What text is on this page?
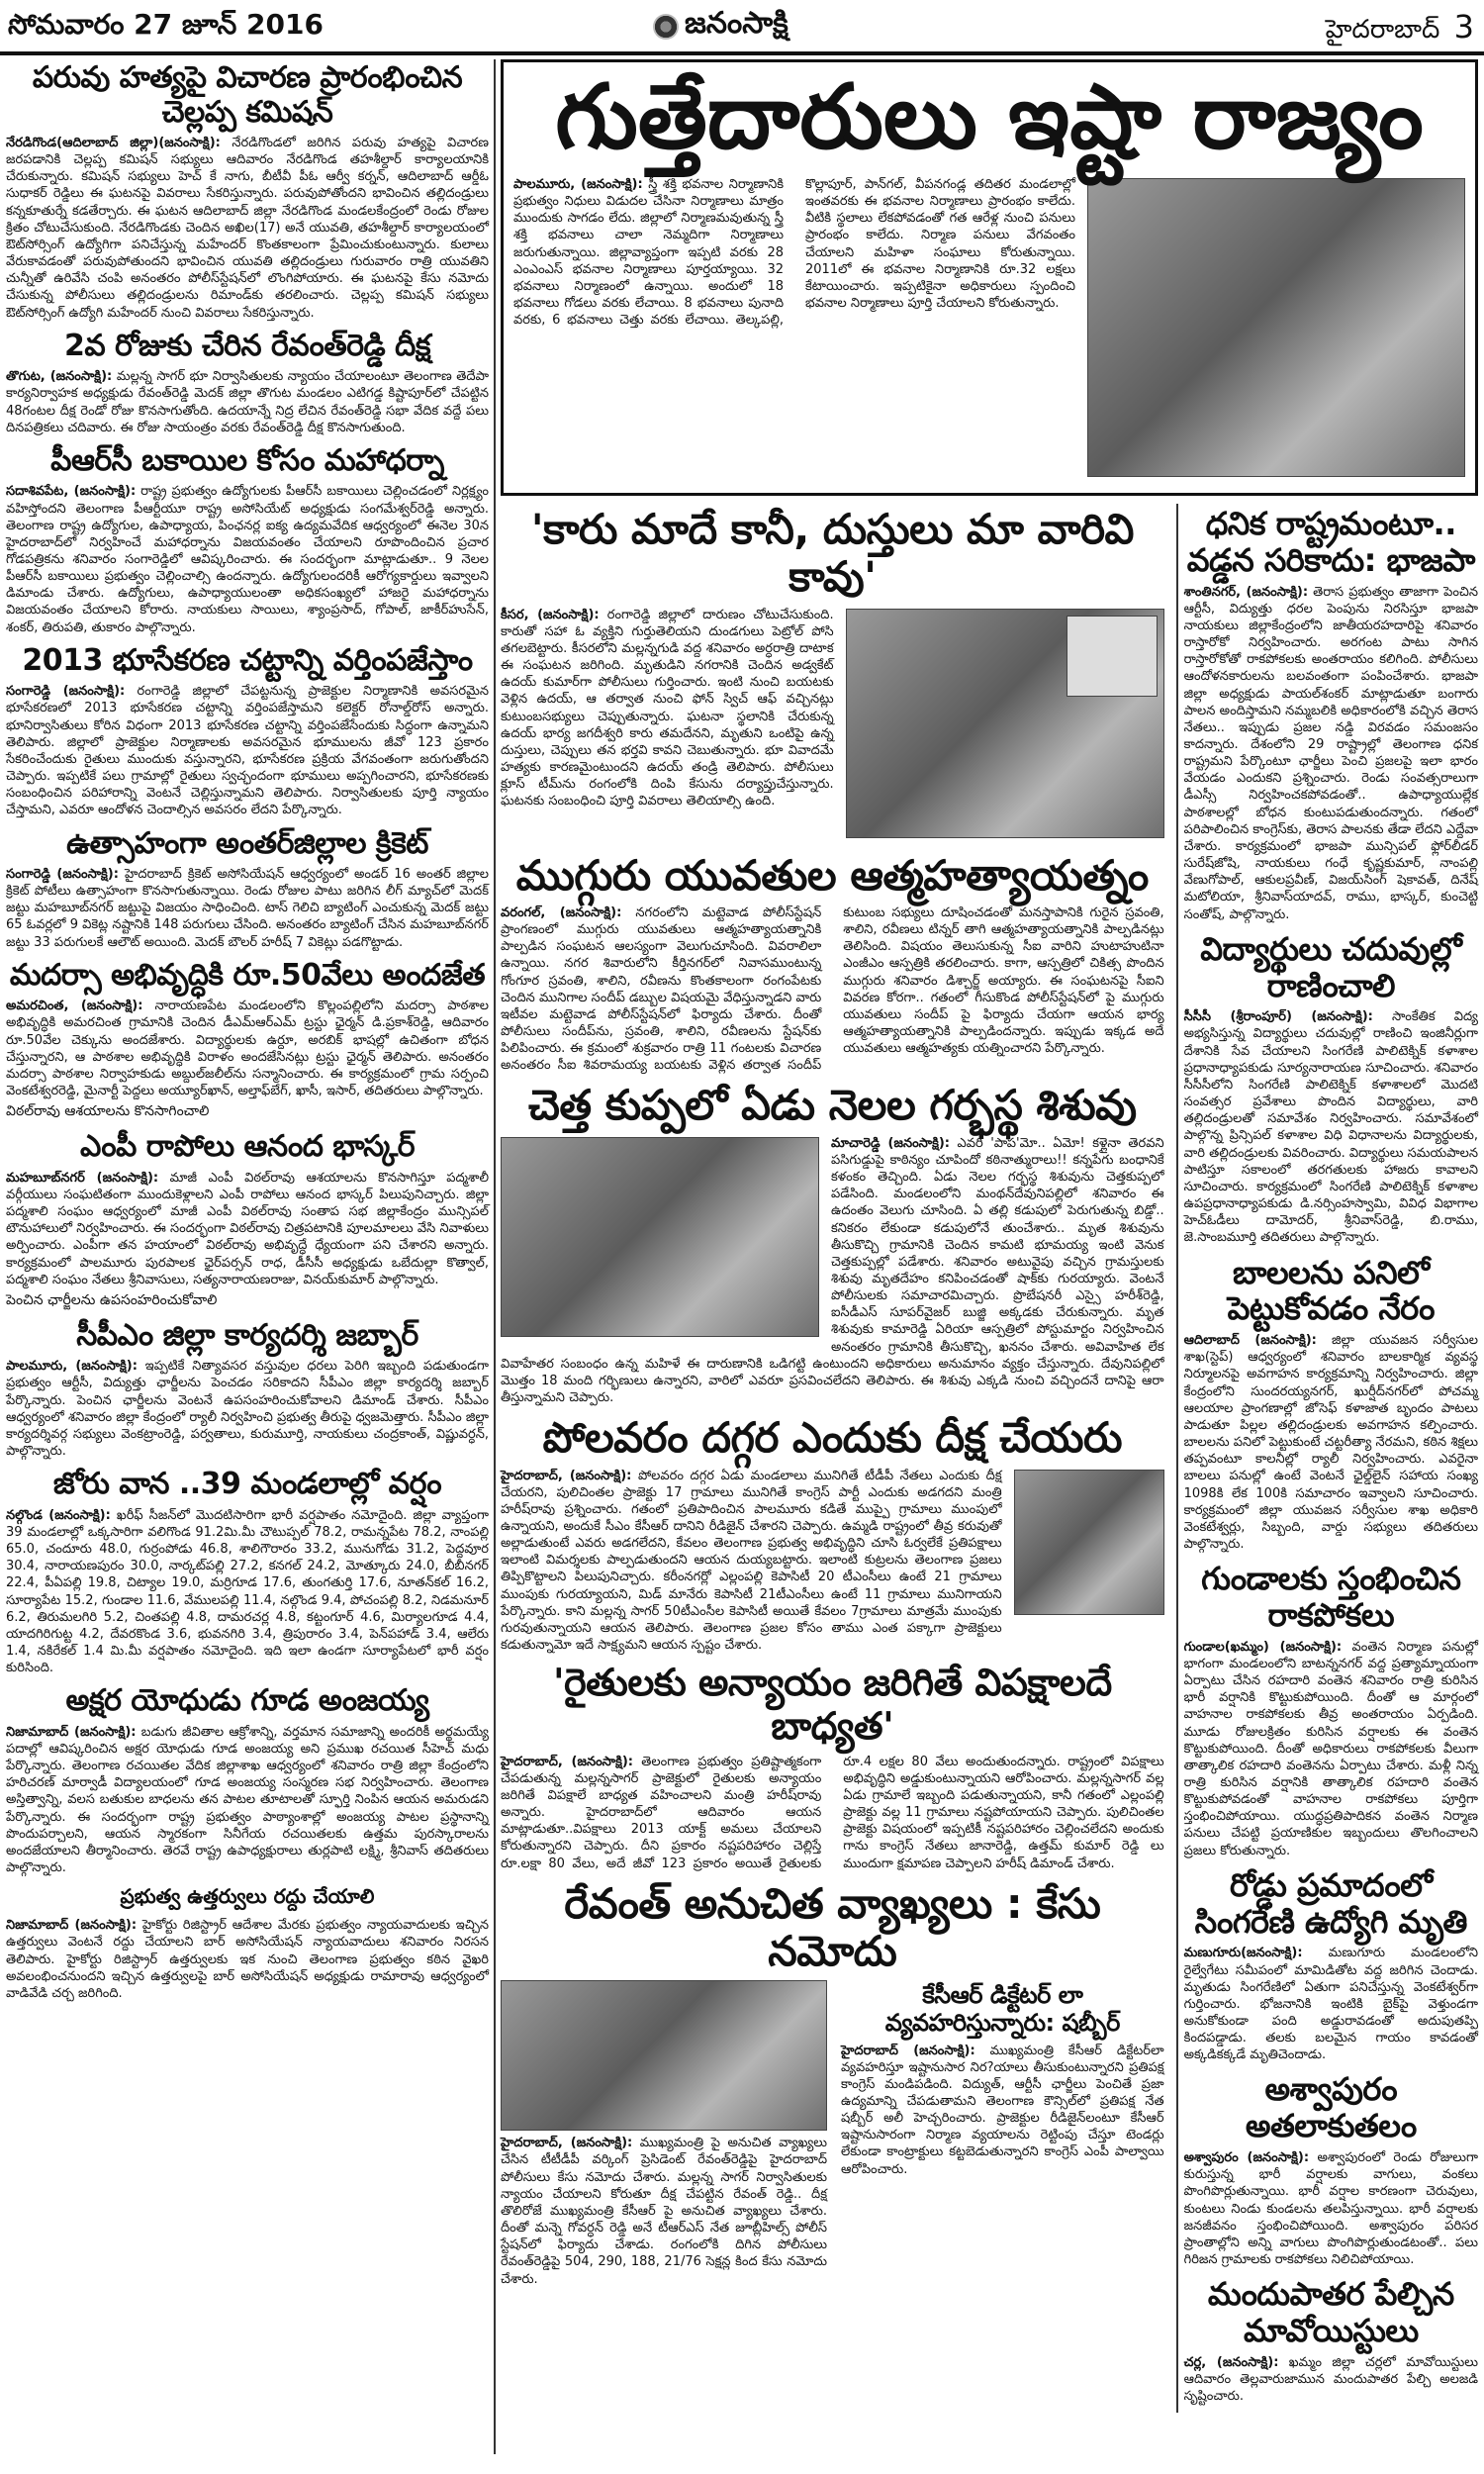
సోమవారం 27 జూన్ 2016	జనంసాక్షి	హైదరాబాద్ 3
పరువు హత్యపై విచారణ ప్రారంభించిన చెల్లప్ప కమిషన్

నేరడిగొండ(ఆదిలాబాద్ జిల్లా)(జనంసాక్షి): నేరడిగొండలో జరిగిన పరువు హత్యపై విచారణ జరపడానికి చెల్లప్ప కమిషన్ సభ్యులు ఆదివారం నేరడిగొండ తహశీల్దార్ కార్యాలయానికి చేరుకున్నారు. కమిషన్ సభ్యులు హెచ్ కే నాగు, బీటీవీ పీఓ ఆర్వీ కర్నన్, ఆదిలాబాద్ ఆర్డీఓ సుధాకర్ రెడ్డిలు ఈ ఘటనపై వివరాలు సేకరిస్తున్నారు. పరువుపోతోందని భావించిన తల్లిదండ్రులు కన్నకూతుర్నే కడతేర్చారు. ఈ ఘటన ఆదిలాబాద్ జిల్లా నేరడిగొండ మండలకేంద్రంలో రెండు రోజుల క్రితం చోటుచేసుకుంది. నేరడిగొండకు చెందిన అఖిల(17) అనే యువతి, తహశీల్దార్ కార్యాలయంలో ఔట్‌సోర్సింగ్ ఉద్యోగిగా పనిచేస్తున్న మహేందర్ కొంతకాలంగా ప్రేమించుకుంటున్నారు. కులాలు వేరుకావడంతో పరువుపోతుందని భావించిన యువతి తల్లిదండ్రులు గురువారం రాత్రి యువతిని చున్నీతో ఉరివేసి చంపి అనంతరం పోలీస్‌స్టేషన్‌లో లొంగిపోయారు. ఈ ఘటనపై కేసు నమోదు చేసుకున్న పోలీసులు తల్లిదండ్రులను రిమాండ్‌కు తరలించారు. చెల్లప్ప కమిషన్ సభ్యులు ఔట్‌సోర్సింగ్ ఉద్యోగి మహేందర్ నుంచి వివరాలు సేకరిస్తున్నారు.

2వ రోజుకు చేరిన రేవంత్‌రెడ్డి దీక్ష

తొగుట, (జనంసాక్షి): మల్లన్న సాగర్ భూ నిర్వాసితులకు న్యాయం చేయాలంటూ తెలంగాణ తెదేపా కార్యనిర్వాహక అధ్యక్షుడు రేవంత్‌రెడ్డి మెదక్ జిల్లా తొగుట మండలం ఎటిగడ్డ కిష్టాపూర్‌లో చేపట్టిన 48గంటల దీక్ష రెండో రోజు కొనసాగుతోంది. ఉదయాన్నే నిద్ర లేచిన రేవంత్‌రెడ్డి సభా వేదిక వద్దే పలు దినపత్రికలు చదివారు. ఈ రోజు సాయంత్రం వరకు రేవంత్‌రెడ్డి దీక్ష కొనసాగుతుంది.

పీఆర్‌సీ బకాయిల కోసం మహాధర్నా

సదాశివపేట, (జనంసాక్షి): రాష్ట్ర ప్రభుత్వం ఉద్యోగులకు పీఆర్‌సీ బకాయిలు చెల్లించడంలో నిర్లక్ష్యం వహిస్తోందని తెలంగాణ పీఆర్టీయూ రాష్ట్ర అసోసియేట్ అధ్యక్షుడు సంగమేశ్వర్‌రెడ్డి అన్నారు. తెలంగాణ రాష్ట్ర ఉద్యోగుల, ఉపాధ్యాయ, పింఛనర్ల ఐక్య ఉద్యమవేదిక ఆధ్వర్యంలో ఈనెల 30న హైదరాబాద్‌లో నిర్వహించే మహాధర్నాను విజయవంతం చేయాలని రూపొందించిన ప్రచార గోడపత్రికను శనివారం సంగారెడ్డిలో ఆవిష్కరించారు. ఈ సందర్భంగా మాట్లాడుతూ.. 9 నెలల పీఆర్‌సీ బకాయిలు ప్రభుత్వం చెల్లించాల్సి ఉందన్నారు. ఉద్యోగులందరికీ ఆరోగ్యకార్డులు ఇవ్వాలని డిమాండు చేశారు. ఉద్యోగులు, ఉపాధ్యాయులంతా అధికసంఖ్యలో హాజరై మహాధర్నాను విజయవంతం చేయాలని కోరారు. నాయకులు సాయిలు, శ్యాంప్రసాద్, గోపాల్, జాకీర్‌హుసేన్, శంకర్, తిరుపతి, తుకారం పాల్గొన్నారు.

2013 భూసేకరణ చట్టాన్ని వర్తింపజేస్తాం

సంగారెడ్డి (జనంసాక్షి): రంగారెడ్డి జిల్లాలో చేపట్టనున్న ప్రాజెక్టుల నిర్మాణానికి అవసరమైన భూసేకరణలో 2013 భూసేకరణ చట్టాన్ని వర్తింపజేస్తామని కలెక్టర్ రోనాల్డ్‌రోస్ అన్నారు. భూనిర్వాసితులు కోరిన విధంగా 2013 భూసేకరణ చట్టాన్ని వర్తింపజేసేందుకు సిద్ధంగా ఉన్నామని తెలిపారు. జిల్లాలో ప్రాజెక్టుల నిర్మాణాలకు అవసరమైన భూములను జీవో 123 ప్రకారం సేకరించేందుకు రైతులు ముందుకు వస్తున్నారని, భూసేకరణ ప్రక్రియ వేగవంతంగా జరుగుతోందని చెప్పారు. ఇప్పటికే పలు గ్రామాల్లో రైతులు స్వచ్ఛందంగా భూములు అప్పగించారని, భూసేకరణకు సంబంధించిన పరిహారాన్ని వెంటనే చెల్లిస్తున్నామని తెలిపారు. నిర్వాసితులకు పూర్తి న్యాయం చేస్తామని, ఎవరూ ఆందోళన చెందాల్సిన అవసరం లేదని పేర్కొన్నారు.

ఉత్సాహంగా అంతర్‌జిల్లాల క్రికెట్

సంగారెడ్డి (జనంసాక్షి): హైదరాబాద్ క్రికెట్ అసోసియేషన్ ఆధ్వర్యంలో అండర్ 16 అంతర్ జిల్లాల క్రికెట్ పోటీలు ఉత్సాహంగా కొనసాగుతున్నాయి. రెండు రోజుల పాటు జరిగిన లీగ్ మ్యాచ్‌లో మెదక్ జట్టు మహబూబ్‌నగర్ జట్టుపై విజయం సాధించింది. టాస్ గెలిచి బ్యాటింగ్ ఎంచుకున్న మెదక్ జట్టు 65 ఓవర్లలో 9 వికెట్ల నష్టానికి 148 పరుగులు చేసింది. అనంతరం బ్యాటింగ్ చేసిన మహబూబ్‌నగర్ జట్టు 33 పరుగులకే ఆలౌట్ అయింది. మెదక్ బౌలర్ హరీష్ 7 వికెట్లు పడగొట్టాడు.

మదర్సా అభివృద్ధికి రూ.50వేలు అందజేత

అమరచింత, (జనంసాక్షి): నారాయణపేట మండలంలోని కొల్లంపల్లిలోని మదర్సా పాఠశాల అభివృద్ధికి అమరచింత గ్రామానికి చెందిన డీఎమ్‌ఆర్‌ఎమ్ ట్రస్టు ఛైర్మన్ డి.ప్రకాశ్‌రెడ్డి, ఆదివారం రూ.50వేల చెక్కును అందజేశారు. విద్యార్థులకు ఉర్దూ, అరబిక్ భాషల్లో ఉచితంగా బోధన చేస్తున్నారని, ఆ పాఠశాల అభివృద్ధికి విరాళం అందజేసినట్లు ట్రస్టు ఛైర్మన్ తెలిపారు. అనంతరం మదర్సా పాఠశాల నిర్వాహకుడు అబ్దుల్‌జలీల్‌ను సన్మానించారు. ఈ కార్యక్రమంలో గ్రామ సర్పంచి వెంకటేశ్వరరెడ్డి, మైనార్టీ పెద్దలు అయ్యూర్‌ఖాన్, అల్తాఫ్‌బేగ్, ఖాసీ, ఇసార్, తదితరులు పాల్గొన్నారు.

విఠల్‌రావు ఆశయాలను కొనసాగించాలి
ఎంపీ రాపోలు ఆనంద భాస్కర్

మహబూబ్‌నగర్ (జనంసాక్షి): మాజీ ఎంపీ విఠల్‌రావు ఆశయాలను కొనసాగిస్తూ పద్మశాలీ వర్గీయులు సంఘటితంగా ముందుకెళ్లాలని ఎంపీ రాపోలు ఆనంద భాస్కర్ పిలుపునిచ్చారు. జిల్లా పద్మశాలి సంఘం ఆధ్వర్యంలో మాజీ ఎంపీ విఠల్‌రావు సంతాప సభ జిల్లాకేంద్రం మున్సిపల్ టౌనుహాలులో నిర్వహించారు. ఈ సందర్భంగా విఠల్‌రావు చిత్రపటానికి పూలమాలలు వేసి నివాళులు అర్పించారు. ఎంపీగా తన హయాంలో విఠల్‌రావు అభివృద్ధే ధ్యేయంగా పని చేశారని అన్నారు. కార్యక్రమంలో పాలమూరు పురపాలక ఛైర్‌పర్సన్ రాధ, డీసీసీ అధ్యక్షుడు ఒబేదుల్లా కొత్వాల్, పద్మశాలి సంఘం నేతలు శ్రీనివాసులు, సత్యనారాయణరాజు, వినయ్‌కుమార్ పాల్గొన్నారు.

పెంచిన ఛార్జీలను ఉపసంహరించుకోవాలి
సీపీఎం జిల్లా కార్యదర్శి జబ్బార్

పాలమూరు, (జనంసాక్షి): ఇప్పటికే నిత్యావసర వస్తువుల ధరలు పెరిగి ఇబ్బంది పడుతుండగా ప్రభుత్వం ఆర్టీసీ, విద్యుత్తు ఛార్జీలను పెంచడం సరికాదని సీపీఎం జిల్లా కార్యదర్శి జబ్బార్ పేర్కొన్నారు. పెంచిన ఛార్జీలను వెంటనే ఉపసంహరించుకోవాలని డిమాండ్ చేశారు. సీపీఎం ఆధ్వర్యంలో శనివారం జిల్లా కేంద్రంలో ర్యాలీ నిర్వహించి ప్రభుత్వ తీరుపై ధ్వజమెత్తారు. సీపీఎం జిల్లా కార్యదర్శివర్గ సభ్యులు వెంకట్రాంరెడ్డి, పర్వతాలు, కురుమూర్తి, నాయకులు చంద్రకాంత్, విష్ణువర్ధన్, పాల్గొన్నారు.

జోరు వాన ..39 మండలాల్లో వర్షం

నల్గొండ (జనంసాక్షి): ఖరీఫ్ సీజన్‌లో మొదటిసారిగా భారీ వర్షపాతం నమోదైంది. జిల్లా వ్యాప్తంగా 39 మండలాల్లో ఒక్కసారిగా వలిగొండ 91.2మి.మీ చౌటుప్పల్ 78.2, రామన్నపేట 78.2, నాంపల్లి 65.0, చందూరు 48.0, గుర్రంపోడు 46.8, శాలిగౌరారం 33.2, మునుగోడు 31.2, పెద్దవూర 30.4, నారాయణపురం 30.0, నార్కట్‌పల్లి 27.2, కనగల్ 24.2, మోత్కూరు 24.0, బీబీనగర్ 22.4, పీఏపల్లి 19.8, చిట్యాల 19.0, మర్రిగూడ 17.6, తుంగతుర్తి 17.6, నూతన్‌కల్ 16.2, సూర్యాపేట 15.2, గుండాల 11.6, వేములపల్లి 11.4, నల్గొండ 9.4, పోచంపల్లి 8.2, నిడమనూర్ 6.2, తిరుమలగిరి 5.2, చింతపల్లి 4.8, దామరచర్ల 4.8, కట్టంగూర్ 4.6, మిర్యాలగూడ 4.4, యాదగిరిగుట్ట 4.2, దేవరకొండ 3.6, భువనగిరి 3.4, త్రిపురారం 3.4, పెన్‌పహాడ్ 3.4, ఆలేరు 1.4, నకిరేకల్ 1.4 మి.మీ వర్షపాతం నమోదైంది. ఇది ఇలా ఉండగా సూర్యాపేటలో భారీ వర్షం కురిసింది.

అక్షర యోధుడు గూడ అంజయ్య

నిజామాబాద్ (జనంసాక్షి): బడుగు జీవితాల ఆక్రోశాన్ని, వర్తమాన సమాజాన్ని అందరికీ అర్థమయ్యే పదాల్లో ఆవిష్కరించిన అక్షర యోధుడు గూడ అంజయ్య అని ప్రముఖ రచయిత సీహెచ్ మధు పేర్కొన్నారు. తెలంగాణ రచయితల వేదిక జిల్లాశాఖ ఆధ్వర్యంలో శనివారం రాత్రి జిల్లా కేంద్రంలోని హరిచరణ్ మార్వాడీ విద్యాలయంలో గూడ అంజయ్య సంస్మరణ సభ నిర్వహించారు. తెలంగాణ అస్తిత్వాన్ని, వలస బతుకుల బాధలను తన పాటల తూటాలతో స్ఫూర్తి నింపిన ఆయన అమరుడని పేర్కొన్నారు. ఈ సందర్భంగా రాష్ట్ర ప్రభుత్వం పాఠ్యాంశాల్లో అంజయ్య పాటల ప్రస్థానాన్ని పొందుపర్చాలని, ఆయన స్మారకంగా సినీగేయ రచయితలకు ఉత్తమ పురస్కారాలను అందజేయాలని తీర్మానించారు. తెరవే రాష్ట్ర ఉపాధ్యక్షురాలు తుర్లపాటి లక్ష్మి, శ్రీనివాస్ తదితరులు పాల్గొన్నారు.

ప్రభుత్వ ఉత్తర్వులు రద్దు చేయాలి

నిజామాబాద్ (జనంసాక్షి): హైకోర్టు రిజిస్ట్రార్ ఆదేశాల మేరకు ప్రభుత్వం న్యాయవాదులకు ఇచ్చిన ఉత్తర్వులు వెంటనే రద్దు చేయాలని బార్ అసోసియేషన్ న్యాయవాదులు శనివారం నిరసన తెలిపారు. హైకోర్టు రిజిస్ట్రార్ ఉత్తర్వులకు ఇక నుంచి తెలంగాణ ప్రభుత్వం కఠిన వైఖరి అవలంభించనుందని ఇచ్చిన ఉత్తర్వులపై బార్ అసోసియేషన్ అధ్యక్షుడు రామారావు ఆధ్వర్యంలో వాడివేడి చర్చ జరిగింది.

గుత్తేదారులు ఇష్టా రాజ్యం

పాలమూరు, (జనంసాక్షి): స్త్రీ శక్తి భవనాల నిర్మాణానికి ప్రభుత్వం నిధులు విడుదల చేసినా నిర్మాణాలు మాత్రం ముందుకు సాగడం లేదు. జిల్లాలో నిర్మాణమవుతున్న స్త్రీ శక్తి భవనాలు చాలా నెమ్మదిగా నిర్మాణాలు జరుగుతున్నాయి. జిల్లావ్యాప్తంగా ఇప్పటి వరకు 28 ఎంఎంఎస్ భవనాల నిర్మాణాలు పూర్తయ్యాయి. 32 భవనాలు నిర్మాణంలో ఉన్నాయి. అందులో 18 భవనాలు గోడలు వరకు లేచాయి. 8 భవనాలు పునాది వరకు, 6 భవనాలు చెత్తు వరకు లేచాయి. తెల్కపల్లి, కొల్లాపూర్, పాన్‌గల్, వీపనగండ్ల తదితర మండలాల్లో ఇంతవరకు ఈ భవనాల నిర్మాణాలు ప్రారంభం కాలేదు. వీటికి స్థలాలు లేకపోవడంతో గత ఆరేళ్ల నుంచి పనులు ప్రారంభం కాలేదు. నిర్మాణ పనులు వేగవంతం చేయాలని మహిళా సంఘాలు కోరుతున్నాయి. 2011లో ఈ భవనాల నిర్మాణానికి రూ.32 లక్షలు కేటాయించారు. ఇప్పటికైనా అధికారులు స్పందించి భవనాల నిర్మాణాలు పూర్తి చేయాలని కోరుతున్నారు.

'కారు మాదే కానీ, దుస్తులు మా వారివి కావు'

కీసర, (జనంసాక్షి): రంగారెడ్డి జిల్లాలో దారుణం చోటుచేసుకుంది. కారుతో సహా ఓ వ్యక్తిని గుర్తుతెలియని దుండగులు పెట్రోల్ పోసి తగలబెట్టారు. కీసరలోని మల్లన్నగుడి వద్ద శనివారం అర్ధరాత్రి దాటాక ఈ సంఘటన జరిగింది. మృతుడిని నగరానికి చెందిన అడ్వకేట్ ఉదయ్ కుమార్‌గా పోలీసులు గుర్తించారు. ఇంటి నుంచి బయటకు వెళ్లిన ఉదయ్, ఆ తర్వాత నుంచి ఫోన్ స్విచ్ ఆఫ్ వచ్చినట్లు కుటుంబసభ్యులు చెప్పుతున్నారు. ఘటనా స్థలానికి చేరుకున్న ఉదయ్ భార్య జగదీశ్వరి కారు తమదేనని, మృతుని ఒంటిపై ఉన్న దుస్తులు, చెప్పులు తన భర్తవి కావని చెబుతున్నారు. భూ వివాదమే హత్యకు కారణమైంటుందని ఉదయ్ తండ్రి తెలిపారు. పోలీసులు క్లూస్ టీమ్‌ను రంగంలోకి దింపి కేసును దర్యాప్తుచేస్తున్నారు. ఘటనకు సంబంధించి పూర్తి వివరాలు తెలియాల్సి ఉంది.

ముగ్గురు యువతుల ఆత్మహత్యాయత్నం

వరంగల్, (జనంసాక్షి): నగరంలోని మట్టెవాడ పోలీస్‌స్టేషన్ ప్రాంగణంలో ముగ్గురు యువతులు ఆత్మహత్యాయత్నానికి పాల్పడిన సంఘటన ఆలస్యంగా వెలుగుచూసింది. వివరాలిలా ఉన్నాయి. నగర శివారులోని కీర్తినగర్‌లో నివాసముంటున్న గోంగూర స్రవంతి, శాలిని, రవీణను కొంతకాలంగా రంగంపేటకు చెందిన మునిగాల సందీప్ డబ్బుల విషయమై వేధిస్తున్నాడని వారు ఇటీవల మట్టెవాడ పోలీస్‌స్టేషన్‌లో ఫిర్యాదు చేశారు. దీంతో పోలీసులు సందీప్‌ను, స్రవంతి, శాలిని, రవీణలను స్టేషన్‌కు పిలిపించారు. ఈ క్రమంలో శుక్రవారం రాత్రి 11 గంటలకు విచారణ అనంతరం సీఐ శివరామయ్య బయటకు వెళ్లిన తర్వాత సందీప్ కుటుంబ సభ్యులు దూషించడంతో మనస్తాపానికి గురైన స్రవంతి, శాలిని, రవీణలు టిన్నర్ తాగి ఆత్మహత్యాయత్నానికి పాల్పడినట్లు తెలిసింది. విషయం తెలుసుకున్న సీఐ వారిని హుటాహుటినా ఎంజీఎం ఆస్పత్రికి తరలించారు. కాగా, ఆస్పత్రిలో చికిత్స పొందిన ముగ్గురు శనివారం డిశ్చార్జ్ అయ్యారు. ఈ సంఘటనపై సీఐని వివరణ కోరగా.. గతంలో గీసుకొండ పోలీస్‌స్టేషన్‌లో పై ముగ్గురు యువతులు సందీప్ పై ఫిర్యాదు చేయగా ఆయన భార్య ఆత్మహత్యాయత్నానికి పాల్పడిందన్నారు. ఇప్పుడు ఇక్కడ అదే యువతులు ఆత్మహత్యకు యత్నించారని పేర్కొన్నారు.

చెత్త కుప్పలో ఏడు నెలల గర్భస్థ శిశువు

మాచారెడ్డి (జనంసాక్షి): ఎవరి 'పాప'మో.. ఏమో! కళ్లైనా తెరవని పసిగుడ్డుపై కాఠిన్యం చూపిందో కఠినాత్మురాలు!! కన్నపేగు బంధానికే కళంకం తెచ్చింది. ఏడు నెలల గర్భస్థ శిశువును చెత్తకుప్పలో పడేసింది. మండలంలోని మంథన్‌దేవునిపల్లిలో శనివారం ఈ ఉదంతం వెలుగు చూసింది. ఏ తల్లి కడుపులో పెరుగుతున్న బిడ్డో.. కనికరం లేకుండా కడుపులోనే తుంచేశారు.. మృత శిశువును తీసుకొచ్చి గ్రామానికి చెందిన కామటి భూమయ్య ఇంటి వెనుక చెత్తకుప్పల్లో పడేశారు. శనివారం అటువైపు వచ్చిన గ్రామస్తులకు శిశువు మృతదేహం కనిపించడంతో షాక్‌కు గురయ్యారు. వెంటనే పోలీసులకు సమాచారమిచ్చారు. ప్రొబేషనరీ ఎస్సై హరీశ్‌రెడ్డి, ఐసీడీఎస్ సూపర్‌వైజర్ బుజ్జి అక్కడకు చేరుకున్నారు. మృత శిశువుకు కామారెడ్డి ఏరియా ఆస్పత్రిలో పోస్టుమార్టం నిర్వహించిన అనంతరం గ్రామానికి తీసుకొచ్చి, ఖననం చేశారు. అవివాహిత లేక వివాహేతర సంబంధం ఉన్న మహిళే ఈ దారుణానికి ఒడిగట్టి ఉంటుందని అధికారులు అనుమానం వ్యక్తం చేస్తున్నారు. దేవునిపల్లిలో మొత్తం 18 మంది గర్భిణులు ఉన్నారని, వారిలో ఎవరూ ప్రసవించలేదని తెలిపారు. ఈ శిశువు ఎక్కడి నుంచి వచ్చిందనే దానిపై ఆరా తీస్తున్నామని చెప్పారు.

పోలవరం దగ్గర ఎందుకు దీక్ష చేయరు

హైదరాబాద్, (జనంసాక్షి): పోలవరం దగ్గర ఏడు మండలాలు మునిగితే టీడీపీ నేతలు ఎందుకు దీక్ష చేయరని, పులిచింతల ప్రాజెక్టు 17 గ్రామాలు మునిగితే కాంగ్రెస్ పార్టీ ఎందుకు అడగదని మంత్రి హరీష్‌రావు ప్రశ్నించారు. గతంలో ప్రతిపాదించిన పాలమూరు కడితే ముప్పై గ్రామాలు ముంపులో ఉన్నాయని, అందుకే సీఎం కేసీఆర్ దానిని రీడిజైన్ చేశారని చెప్పారు. ఉమ్మడి రాష్ట్రంలో తీవ్ర కరువుతో అల్లాడుతుంటే ఎవరు అడగలేదని, కేవలం తెలంగాణ ప్రభుత్వ అభివృద్ధిని చూసి ఓర్వలేకే ప్రతిపక్షాలు ఇలాంటి విమర్శలకు పాల్పడుతుందని ఆయన దుయ్యబట్టారు. ఇలాంటి కుట్రలను తెలంగాణ ప్రజలు తిప్పికొట్టాలని పిలుపునిచ్చారు. కరీంనగర్లో ఎల్లంపల్లి కెపాసిటీ 20 టీఎంసీలు ఉంటే 21 గ్రామాలు ముంపుకు గురయ్యాయని, మిడ్ మానేరు కెపాసిటీ 21టీఎంసీలు ఉంటే 11 గ్రామాలు మునిగాయని పేర్కొన్నారు. కాని మల్లన్న సాగర్ 50టీఎంసీల కెపాసిటీ అయితే కేవలం 7గ్రామాలు మాత్రమే ముంపుకు గురవుతున్నాయని ఆయన తెలిపారు. తెలంగాణ ప్రజల కోసం తాము ఎంత పక్కాగా ప్రాజెక్టులు కడుతున్నామో ఇదే సాక్ష్యమని ఆయన స్పష్టం చేశారు.

'రైతులకు అన్యాయం జరిగితే విపక్షాలదే బాధ్యత'

హైదరాబాద్, (జనంసాక్షి): తెలంగాణ ప్రభుత్వం ప్రతిష్టాత్మకంగా చేపడుతున్న మల్లన్నసాగర్ ప్రాజెక్టులో రైతులకు అన్యాయం జరిగితే విపక్షాలే బాధ్యత వహించాలని మంత్రి హరీష్‌రావు అన్నారు. హైదరాబాద్‌లో ఆదివారం ఆయన మాట్లాడుతూ..విపక్షాలు 2013 యాక్ట్ అమలు చేయాలని కోరుతున్నారని చెప్పారు. దీని ప్రకారం నష్టపరిహారం చెల్లిస్తే రూ.లక్షా 80 వేలు, అదే జీవో 123 ప్రకారం అయితే రైతులకు రూ.4 లక్షల 80 వేలు అందుతుందన్నారు. రాష్ట్రంలో విపక్షాలు అభివృద్ధిని అడ్డుకుంటున్నాయని ఆరోపించారు. మల్లన్నసాగర్ వల్ల ఏడు గ్రామాలే ఇబ్బంది పడుతున్నాయని, కానీ గతంలో ఎల్లంపల్లి ప్రాజెక్టు వల్ల 11 గ్రామాలు నష్టపోయాయని చెప్పారు. పులిచింతల ప్రాజెక్టు విషయంలో ఇప్పటికీ నష్టపరిహారం చెల్లించలేదని అందుకు గాను కాంగ్రెస్ నేతలు జానారెడ్డి, ఉత్తమ్ కుమార్ రెడ్డి లు ముందుగా క్షమాపణ చెప్పాలని హరీష్ డిమాండ్ చేశారు.

రేవంత్ అనుచిత వ్యాఖ్యలు : కేసు నమోదు

హైదరాబాద్, (జనంసాక్షి): ముఖ్యమంత్రి పై అనుచిత వ్యాఖ్యలు చేసిన టీటీడీపీ వర్కింగ్ ప్రెసిడెంట్ రేవంత్‌రెడ్డిపై హైదరాబాద్ పోలీసులు కేసు నమోదు చేశారు. మల్లన్న సాగర్ నిర్వాసితులకు న్యాయం చేయాలని కోరుతూ దీక్ష చేపట్టిన రేవంత్ రెడ్డి.. దీక్ష తొలిరోజే ముఖ్యమంత్రి కేసీఆర్ పై అనుచిత వ్యాఖ్యలు చేశారు. దీంతో మన్నె గోవర్ధన్ రెడ్డి అనే టీఆర్ఎస్ నేత జూబ్లీహిల్స్ పోలీస్ స్టేషన్‌లో ఫిర్యాదు చేశాడు. రంగంలోకి దిగిన పోలీసులు రేవంత్‌రెడ్డిపై 504, 290, 188, 21/76 సెక్షన్ల కింద కేసు నమోదు చేశారు.

కేసీఆర్ డిక్టేటర్ లా వ్యవహరిస్తున్నారు: షబ్బీర్

హైదరాబాద్ (జనంసాక్షి): ముఖ్యమంత్రి కేసీఆర్ డిక్టేటర్‌లా వ్యవహరిస్తూ ఇష్టానుసార నిర?యాలు తీసుకుంటున్నారని ప్రతిపక్ష కాంగ్రెస్ మండిపడింది. విద్యుత్, ఆర్టీసీ ఛార్జీలు పెంచితే ప్రజా ఉద్యమాన్ని చేపడుతామని తెలంగాణ కౌన్సిల్‌లో ప్రతిపక్ష నేత షబ్బీర్ అలీ హెచ్చరించారు. ప్రాజెక్టుల రీడిజైన్‌లంటూ కేసీఆర్ ఇష్టానుసారంగా నిర్మాణ వ్యయాలను రెట్టింపు చేస్తూ టెండర్లు లేకుండా కాంట్రాక్టులు కట్టబెడుతున్నారని కాంగ్రెస్ ఎంపీ పాల్వాయి ఆరోపించారు.

ధనిక రాష్ట్రమంటూ.. వడ్డన సరికాదు: భాజపా

శాంతినగర్, (జనంసాక్షి): తెరాస ప్రభుత్వం తాజాగా పెంచిన ఆర్టీసీ, విద్యుత్తు ధరల పెంపును నిరసిస్తూ భాజపా నాయకులు జిల్లాకేంద్రంలోని జాతీయరహదారిపై శనివారం రాస్తారోకో నిర్వహించారు. అరగంట పాటు సాగిన రాస్తారోకోతో రాకపోకలకు అంతరాయం కలిగింది. పోలీసులు ఆందోళనకారులను బలవంతంగా పంపించేశారు. భాజపా జిల్లా అధ్యక్షుడు పాయల్‌శంకర్ మాట్లాడుతూ బంగారు పాలన అందిస్తామని నమ్మబలికి అధికారంలోకి వచ్చిన తెరాస నేతలు.. ఇప్పుడు ప్రజల నడ్డి విరవడం సమంజసం కాదన్నారు. దేశంలోని 29 రాష్ట్రాల్లో తెలంగాణ ధనిక రాష్ట్రమని పేర్కొంటూ ఛార్జీలు పెంచి ప్రజలపై ఇలా భారం వేయడం ఎందుకని ప్రశ్నించారు. రెండు సంవత్సరాలుగా డీఎస్సీ నిర్వహించకపోవడంతో.. ఉపాధ్యాయుల్లేక పాఠశాలల్లో బోధన కుంటుపడుతుందన్నారు. గతంలో పరిపాలించిన కాంగ్రెస్‌కు, తెరాస పాలనకు తేడా లేదని ఎద్దేవా చేశారు. కార్యక్రమంలో భాజపా మున్సిపల్ ఫ్లోర్‌లీడర్ సురేష్‌జోషి, నాయకులు గంధే కృష్ణకుమార్, నాంపల్లి వేణుగోపాల్, ఆకులప్రవీణ్, విజయ్‌సింగ్ షెకావత్, దినేష్ మటోలియా, శ్రీనివాస్‌యాదవ్, రాము, భాస్కర్, కుంచెట్టి సంతోష్, పాల్గొన్నారు.

విద్యార్థులు చదువుల్లో రాణించాలి

సీసీసీ (శ్రీరాంపూర్) (జనంసాక్షి): సాంకేతిక విద్య అభ్యసిస్తున్న విద్యార్థులు చదువుల్లో రాణించి ఇంజినీర్లుగా దేశానికి సేవ చేయాలని సింగరేణి పాలిటెక్నిక్ కళాశాల ప్రధానాధ్యాపకుడు సూర్యనారాయణ సూచించారు. శనివారం సీసీసీలోని సింగరేణి పాలిటెక్నిక్ కళాశాలలో మొదటి సంవత్సర ప్రవేశాలు పొందిన విద్యార్థులు, వారి తల్లిదండ్రులతో సమావేశం నిర్వహించారు. సమావేశంలో పాల్గొన్న ప్రిన్సిపల్ కళాశాల విధి విధానాలను విద్యార్థులకు, వారి తల్లిదండ్రులకు వివరించారు. విద్యార్థులు సమయపాలన పాటిస్తూ సకాలంలో తరగతులకు హాజరు కావాలని సూచించారు. కార్యక్రమంలో సింగరేణి పాలిటెక్నిక్ కళాశాల ఉపప్రధానాధ్యాపకుడు డి.నర్సింహస్వామి, వివిధ విభాగాల హెచ్‌ఓడీలు దామోదర్, శ్రీనివాస్‌రెడ్డి, బి.రాము, జె.సాంబమూర్తి తదితరులు పాల్గొన్నారు.

బాలలను పనిలో పెట్టుకోవడం నేరం

ఆదిలాబాద్ (జనంసాక్షి): జిల్లా యువజన సర్వీసుల శాఖ(స్టెప్) ఆధ్వర్యంలో శనివారం బాలకార్మిక వ్యవస్థ నిర్మూలనపై అవగాహన కార్యక్రమాన్ని నిర్వహించారు. జిల్లా కేంద్రంలోని సుందరయ్యనగర్, ఖుర్షీద్‌నగర్‌లో పోచమ్మ ఆలయాల ప్రాంగణాల్లో జోసెఫ్ కళాజాత బృందం పాటలు పాడుతూ పిల్లల తల్లిదండ్రులకు అవగాహన కల్పించారు. బాలలను పనిలో పెట్టుకుంటే చట్టరీత్యా నేరమని, కఠిన శిక్షలు తప్పవంటూ కాలనీల్లో ర్యాలీ నిర్వహించారు. ఎవరైనా బాలలు పనుల్లో ఉంటే వెంటనే ఛైల్డ్‌లైన్ సహాయ సంఖ్య 1098కి లేక 100కి సమాచారం ఇవ్వాలని సూచించారు. కార్యక్రమంలో జిల్లా యువజన సర్వీసుల శాఖ అధికారి వెంకటేశ్వర్లు, సిబ్బంది, వార్డు సభ్యులు తదితరులు పాల్గొన్నారు.

గుండాలకు స్తంభించిన రాకపోకలు

గుండాల(ఖమ్మం) (జనంసాక్షి): వంతెన నిర్మాణ పనుల్లో భాగంగా మండలంలోని బాటన్ననగర్ వద్ద ప్రత్యామ్నాయంగా ఏర్పాటు చేసిన రహదారి వంతెన శనివారం రాత్రి కురిసిన భారీ వర్షానికి కొట్టుకుపోయింది. దీంతో ఆ మార్గంలో వాహనాల రాకపోకలకు తీవ్ర అంతరాయం ఏర్పడింది. మూడు రోజులక్రితం కురిసిన వర్షాలకు ఈ వంతెన కొట్టుకుపోయింది. దీంతో అధికారులు రాకపోకలకు వీలుగా తాత్కాలిక రహదారి వంతెనను ఏర్పాటు చేశారు. మళ్లీ నిన్న రాత్రి కురిసిన వర్షానికి తాత్కాలిక రహదారి వంతెన కొట్టుకుపోవడంతో వాహనాల రాకపోకలు పూర్తిగా స్తంభించిపోయాయి. యుద్ధప్రతిపాదికన వంతెన నిర్మాణ పనులు చేపట్టి ప్రయాణికుల ఇబ్బందులు తొలగించాలని ప్రజలు కోరుతున్నారు.

రోడ్డు ప్రమాదంలో సింగరేణి ఉద్యోగి మృతి

మణుగూరు(జనంసాక్షి): మణుగూరు మండలంలోని రైల్వేగేటు సమీపంలో మామిడితోట వద్ద జరిగిన చెందాడు. మృతుడు సింగరేణిలో ఏతుగా పనిచేస్తున్న వెంకటేశ్వర్‌గా గుర్తించారు. భోజనానికి ఇంటికి బైక్‌పై వెళ్తుండగా అనుకోకుండా పంది అడ్డురావడంతో అదుపుతప్పి కిందపడ్డాడు. తలకు బలమైన గాయం కావడంతో అక్కడికక్కడే మృతిచెందాడు.

అశ్వాపురం అతలాకుతలం

అశ్వాపురం (జనంసాక్షి): అశ్వాపురంలో రెండు రోజులుగా కురుస్తున్న భారీ వర్షాలకు వాగులు, వంకలు పొంగిపొర్లుతున్నాయి. భారీ వర్షాల కారణంగా చెరువులు, కుంటలు నిండు కుండలను తలపిస్తున్నాయి. భారీ వర్షాలకు జనజీవనం స్తంభించిపోయింది. అశ్వాపురం పరిసర ప్రాంతాల్లోని అన్ని వాగులు పొంగిపొర్లుతుండటంతో.. పలు గిరిజన గ్రామాలకు రాకపోకలు నిలిచిపోయాయి.

మందుపాతర పేల్చిన మావోయిస్టులు

చర్ల, (జనంసాక్షి): ఖమ్మం జిల్లా చర్లలో మావోయిస్టులు ఆదివారం తెల్లవారుజామున మందుపాతర పేల్చి అలజడి సృష్టించారు.
